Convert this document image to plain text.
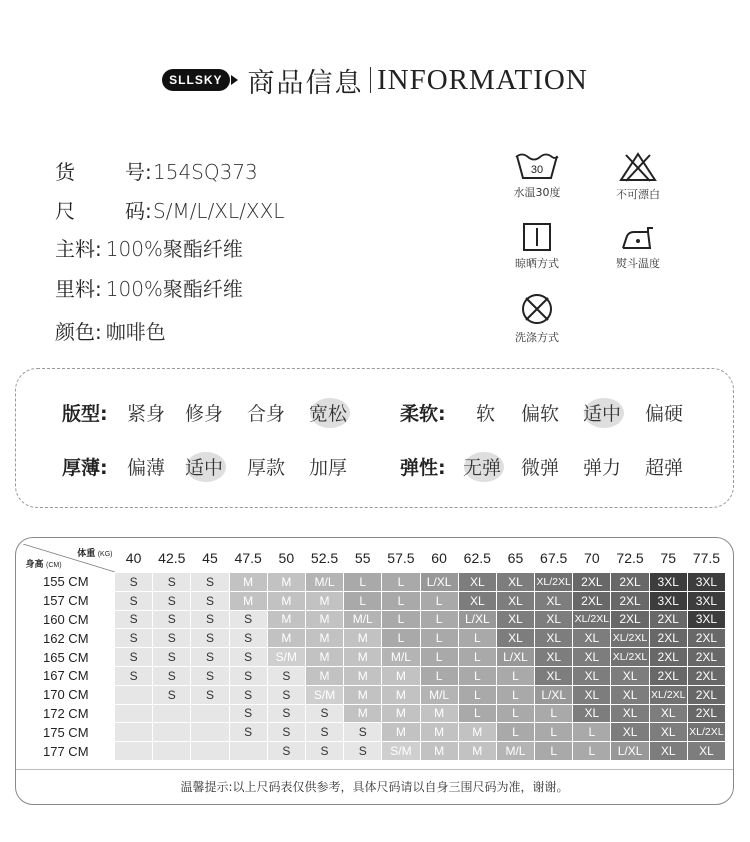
SLLSKY 商品信息 INFORMATION
货	号:154SQ373
尺	码:S/M/L/XL/XXL
主料: 100%聚酯纤维
里料: 100%聚酯纤维
颜色: 咖啡色
30
水温30度	不可漂白
晾晒方式	熨斗温度
洗涤方式
版型: 紧身 修身 合身 宽松	柔软: 软 偏软 适中 偏硬
厚薄: 偏薄 适中 厚款 加厚	弹性: 无弹 微弹 弹力 超弹
体重 (KG)
身高 (CM)	40	42.5	45	47.5	50	52.5	55	57.5	60	62.5	65	67.5	70	72.5	75	77.5
155 CM	S	S	S	M	M	M/L	L	L	L/XL	XL	XL	XL/2XL	2XL	2XL	3XL	3XL
157 CM	S	S	S	M	M	M	L	L	L	XL	XL	XL	2XL	2XL	3XL	3XL
160 CM	S	S	S	S	M	M	M/L	L	L	L/XL	XL	XL	XL/2XL	2XL	2XL	3XL
162 CM	S	S	S	S	M	M	M	L	L	L	XL	XL	XL	XL/2XL	2XL	2XL
165 CM	S	S	S	S	S/M	M	M	M/L	L	L	L/XL	XL	XL	XL/2XL	2XL	2XL
167 CM	S	S	S	S	S	M	M	M	L	L	L	XL	XL	XL	2XL	2XL
170 CM		S	S	S	S	S/M	M	M	M/L	L	L	L/XL	XL	XL	XL/2XL	2XL
172 CM				S	S	S	M	M	M	L	L	L	XL	XL	XL	2XL
175 CM				S	S	S	S	M	M	M	L	L	L	XL	XL	XL/2XL
177 CM					S	S	S	S/M	M	M	M/L	L	L	L/XL	XL	XL
温馨提示:以上尺码表仅供参考，具体尺码请以自身三围尺码为准，谢谢。
